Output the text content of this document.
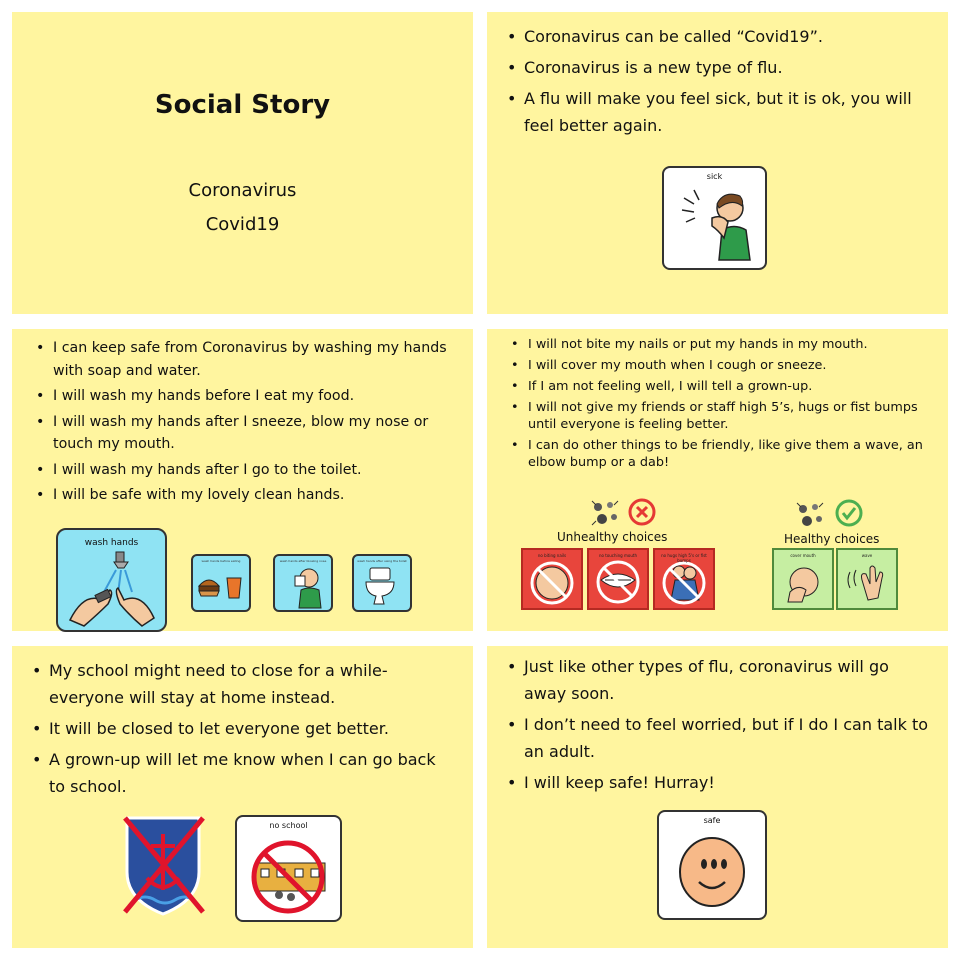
Social Story
Coronavirus
Covid19
• Coronavirus can be called “Covid19”.
• Coronavirus is a new type of flu.
• A flu will make you feel sick, but it is ok, you will feel better again.
sick
• I can keep safe from Coronavirus by washing my hands with soap and water.
• I will wash my hands before I eat my food.
• I will wash my hands after I sneeze, blow my nose or touch my mouth.
• I will wash my hands after I go to the toilet.
• I will be safe with my lovely clean hands.
wash hands
wash hands before eating	wash hands after blowing nose	wash hands after using the toilet
• I will not bite my nails or put my hands in my mouth.
• I will cover my mouth when I cough or sneeze.
• If I am not feeling well, I will tell a grown-up.
• I will not give my friends or staff high 5’s, hugs or fist bumps until everyone is feeling better.
• I can do other things to be friendly, like give them a wave, an elbow bump or a dab!
Unhealthy choices	Healthy choices
no biting nails	no touching mouth	no hugs high 5's or fist bumps
cover mouth	wave
• My school might need to close for a while- everyone will stay at home instead.
• It will be closed to let everyone get better.
• A grown-up will let me know when I can go back to school.
no school
• Just like other types of flu, coronavirus will go away soon.
• I don’t need to feel worried, but if I do I can talk to an adult.
• I will keep safe! Hurray!
safe
